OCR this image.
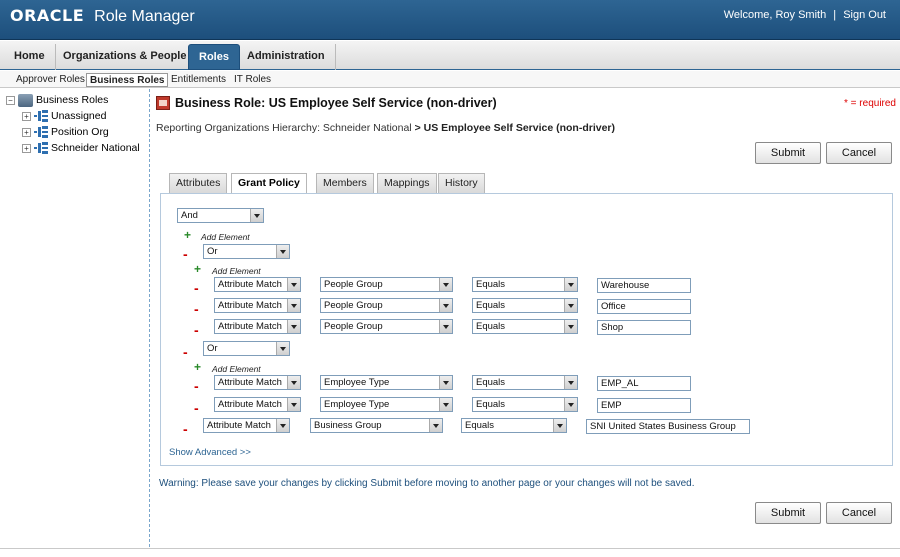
ORACLE Role Manager	Welcome, Roy Smith | Sign Out
Home	Organizations & People	Roles	Administration
Approver Roles Business Roles Entitlements IT Roles
− Business Roles
+ Unassigned
+ Position Org
+ Schneider National
Business Role: US Employee Self Service (non-driver)	* = required
Reporting Organizations Hierarchy: Schneider National > US Employee Self Service (non-driver)
Submit	Cancel
Attributes	Grant Policy	Members	Mappings	History
And
+ Add Element
-	Or
+ Add Element
-	Attribute Match	People Group	Equals	Warehouse
-	Attribute Match	People Group	Equals	Office
-	Attribute Match	People Group	Equals	Shop
-	Or
+ Add Element
-	Attribute Match	Employee Type	Equals	EMP_AL
-	Attribute Match	Employee Type	Equals	EMP
-	Attribute Match	Business Group	Equals	SNI United States Business Group
Show Advanced >>
Warning: Please save your changes by clicking Submit before moving to another page or your changes will not be saved.
Submit	Cancel
